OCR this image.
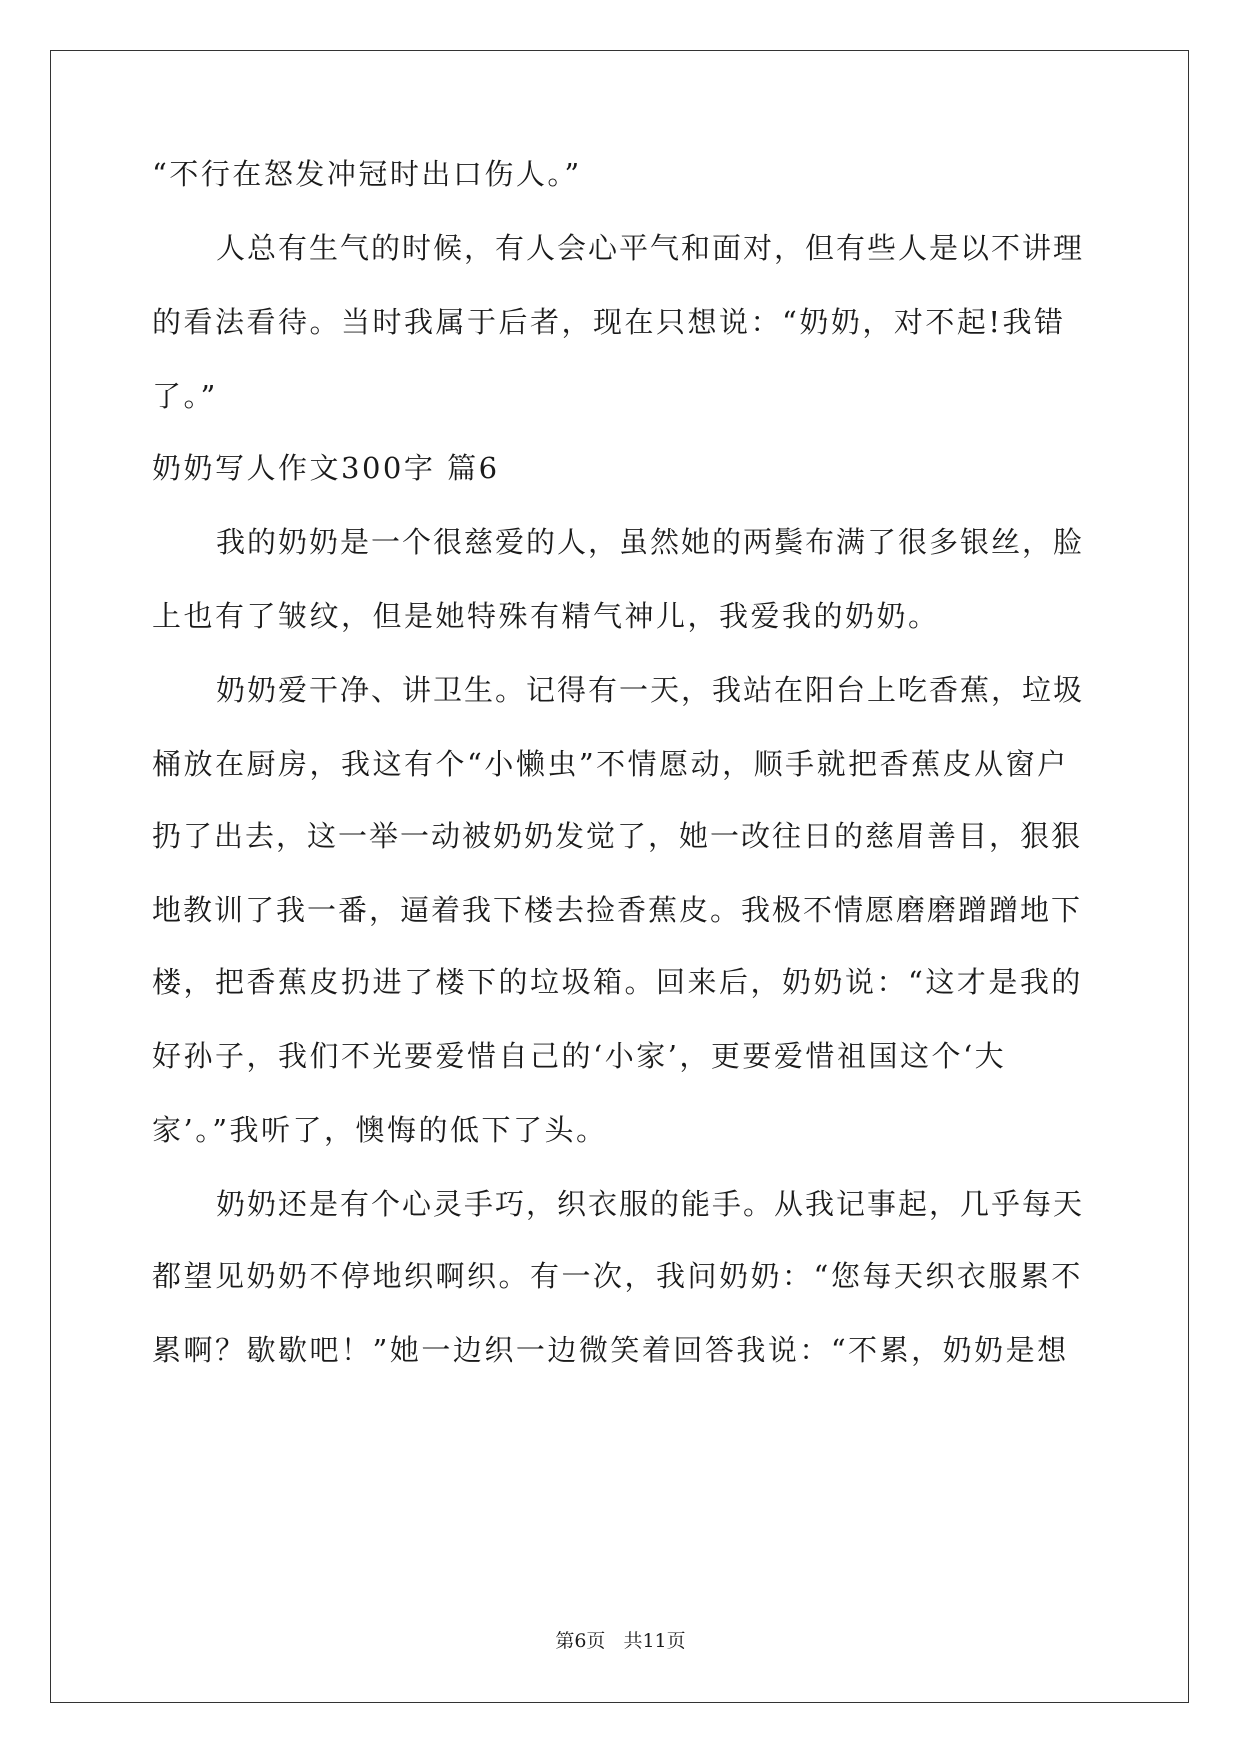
“不行在怒发冲冠时出口伤人。”
人总有生气的时候，有人会心平气和面对，但有些人是以不讲理
的看法看待。当时我属于后者，现在只想说：“奶奶，对不起!我错
了。”
奶奶写人作文300字 篇6
我的奶奶是一个很慈爱的人，虽然她的两鬓布满了很多银丝，脸
上也有了皱纹，但是她特殊有精气神儿，我爱我的奶奶。
奶奶爱干净、讲卫生。记得有一天，我站在阳台上吃香蕉，垃圾
桶放在厨房，我这有个“小懒虫”不情愿动，顺手就把香蕉皮从窗户
扔了出去，这一举一动被奶奶发觉了，她一改往日的慈眉善目，狠狠
地教训了我一番，逼着我下楼去捡香蕉皮。我极不情愿磨磨蹭蹭地下
楼，把香蕉皮扔进了楼下的垃圾箱。回来后，奶奶说：“这才是我的
好孙子，我们不光要爱惜自己的‘小家’，更要爱惜祖国这个‘大
家’。”我听了，懊悔的低下了头。
奶奶还是有个心灵手巧，织衣服的能手。从我记事起，几乎每天
都望见奶奶不停地织啊织。有一次，我问奶奶：“您每天织衣服累不
累啊？歇歇吧！”她一边织一边微笑着回答我说：“不累，奶奶是想
第6页 共11页
